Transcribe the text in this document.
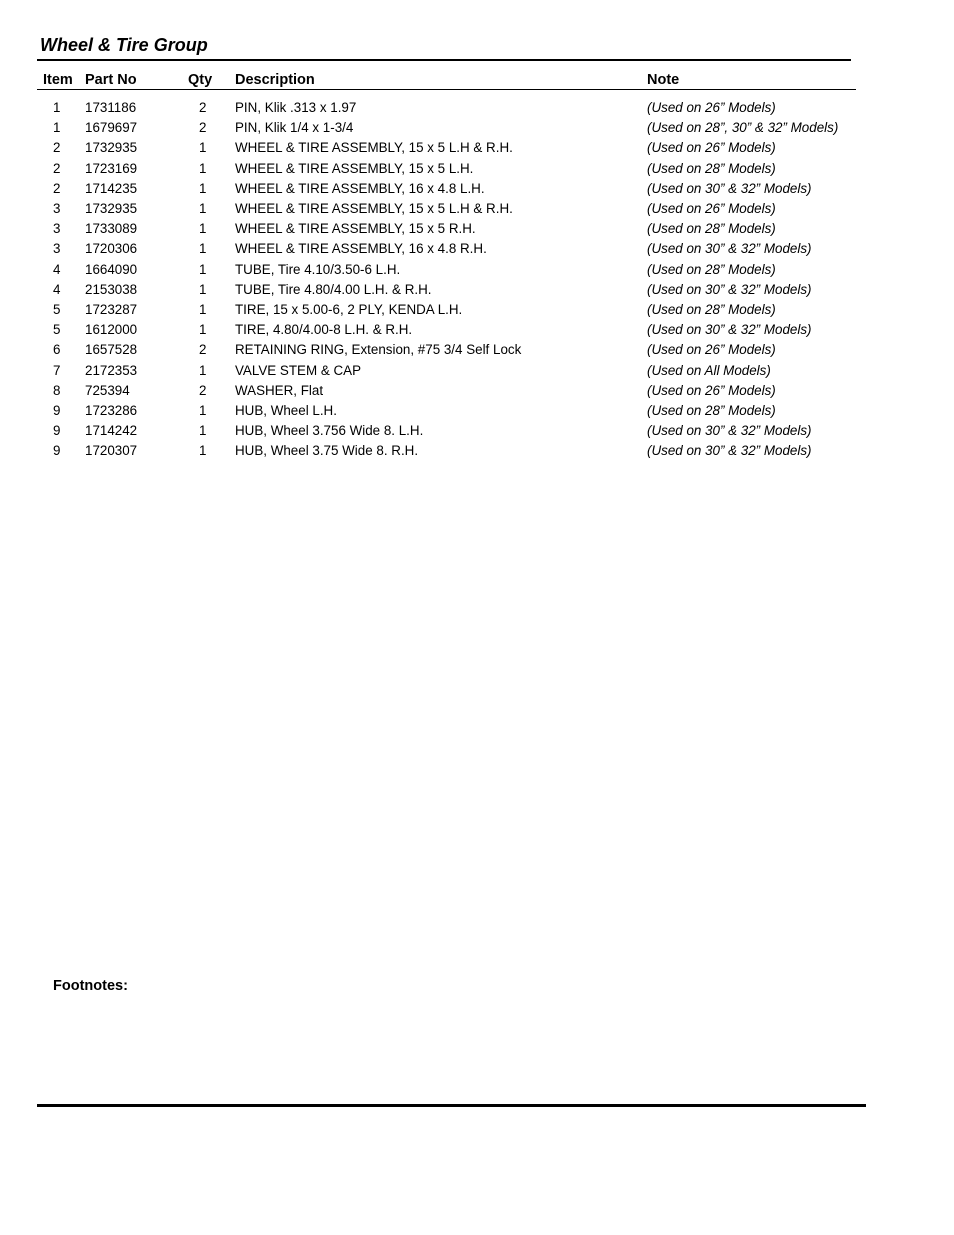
Wheel & Tire Group
Item	Part No	Qty	Description	Note
1	1731186	2	PIN, Klik .313 x 1.97	(Used on 26” Models)
1	1679697	2	PIN, Klik 1/4 x 1-3/4	(Used on 28”, 30” & 32” Models)
2	1732935	1	WHEEL & TIRE ASSEMBLY, 15 x 5 L.H & R.H.	(Used on 26” Models)
2	1723169	1	WHEEL & TIRE ASSEMBLY, 15 x 5 L.H.	(Used on 28” Models)
2	1714235	1	WHEEL & TIRE ASSEMBLY, 16 x 4.8 L.H.	(Used on 30” & 32” Models)
3	1732935	1	WHEEL & TIRE ASSEMBLY, 15 x 5 L.H & R.H.	(Used on 26” Models)
3	1733089	1	WHEEL & TIRE ASSEMBLY, 15 x 5 R.H.	(Used on 28” Models)
3	1720306	1	WHEEL & TIRE ASSEMBLY, 16 x 4.8 R.H.	(Used on 30” & 32” Models)
4	1664090	1	TUBE, Tire 4.10/3.50-6 L.H.	(Used on 28” Models)
4	2153038	1	TUBE, Tire 4.80/4.00 L.H. & R.H.	(Used on 30” & 32” Models)
5	1723287	1	TIRE, 15 x 5.00-6, 2 PLY, KENDA L.H.	(Used on 28” Models)
5	1612000	1	TIRE, 4.80/4.00-8 L.H. & R.H.	(Used on 30” & 32” Models)
6	1657528	2	RETAINING RING, Extension, #75 3/4 Self Lock	(Used on 26” Models)
7	2172353	1	VALVE STEM & CAP	(Used on All Models)
8	725394	2	WASHER, Flat	(Used on 26” Models)
9	1723286	1	HUB, Wheel L.H.	(Used on 28” Models)
9	1714242	1	HUB, Wheel 3.756 Wide 8. L.H.	(Used on 30” & 32” Models)
9	1720307	1	HUB, Wheel 3.75 Wide 8. R.H.	(Used on 30” & 32” Models)
Footnotes:
